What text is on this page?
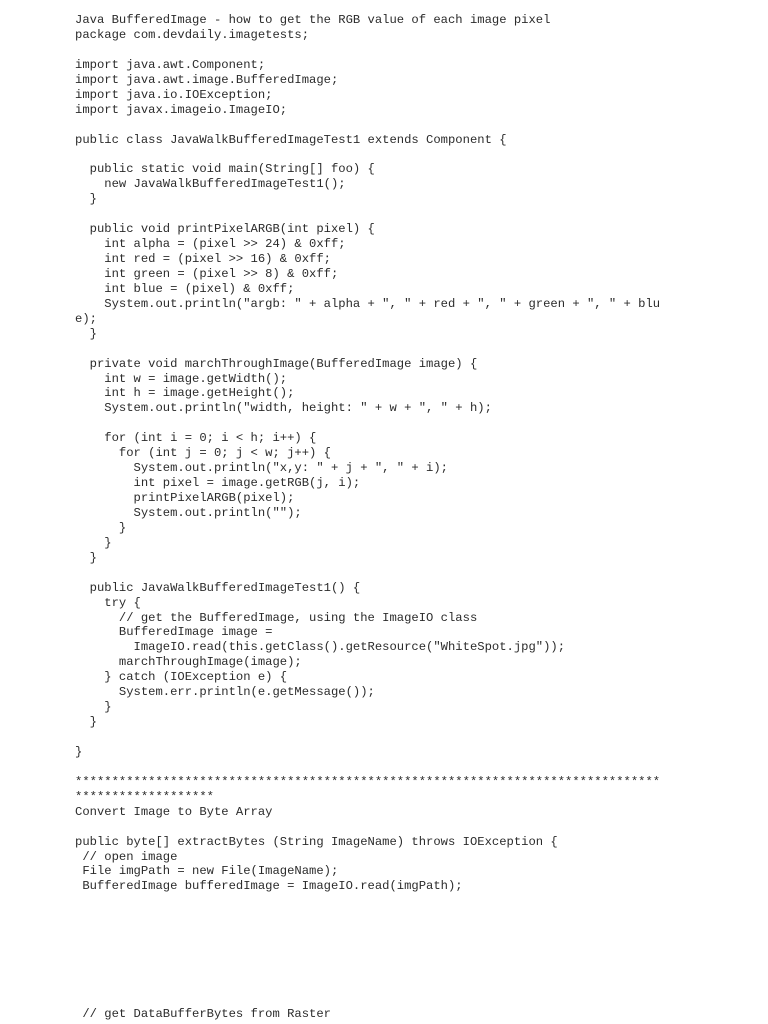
Java BufferedImage - how to get the RGB value of each image pixel
package com.devdaily.imagetests;
import java.awt.Component;
import java.awt.image.BufferedImage;
import java.io.IOException;
import javax.imageio.ImageIO;
public class JavaWalkBufferedImageTest1 extends Component {
public static void main(String[] foo) {
new JavaWalkBufferedImageTest1();
}
public void printPixelARGB(int pixel) {
int alpha = (pixel >> 24) & 0xff;
int red = (pixel >> 16) & 0xff;
int green = (pixel >> 8) & 0xff;
int blue = (pixel) & 0xff;
System.out.println("argb: " + alpha + ", " + red + ", " + green + ", " + blu
e);
}
private void marchThroughImage(BufferedImage image) {
int w = image.getWidth();
int h = image.getHeight();
System.out.println("width, height: " + w + ", " + h);
for (int i = 0; i < h; i++) {
for (int j = 0; j < w; j++) {
System.out.println("x,y: " + j + ", " + i);
int pixel = image.getRGB(j, i);
printPixelARGB(pixel);
System.out.println("");
}
}
}
public JavaWalkBufferedImageTest1() {
try {
// get the BufferedImage, using the ImageIO class
BufferedImage image =
ImageIO.read(this.getClass().getResource("WhiteSpot.jpg"));
marchThroughImage(image);
} catch (IOException e) {
System.err.println(e.getMessage());
}
}
}
********************************************************************************
*******************
Convert Image to Byte Array
public byte[] extractBytes (String ImageName) throws IOException {
// open image
File imgPath = new File(ImageName);
BufferedImage bufferedImage = ImageIO.read(imgPath);
// get DataBufferBytes from Raster
